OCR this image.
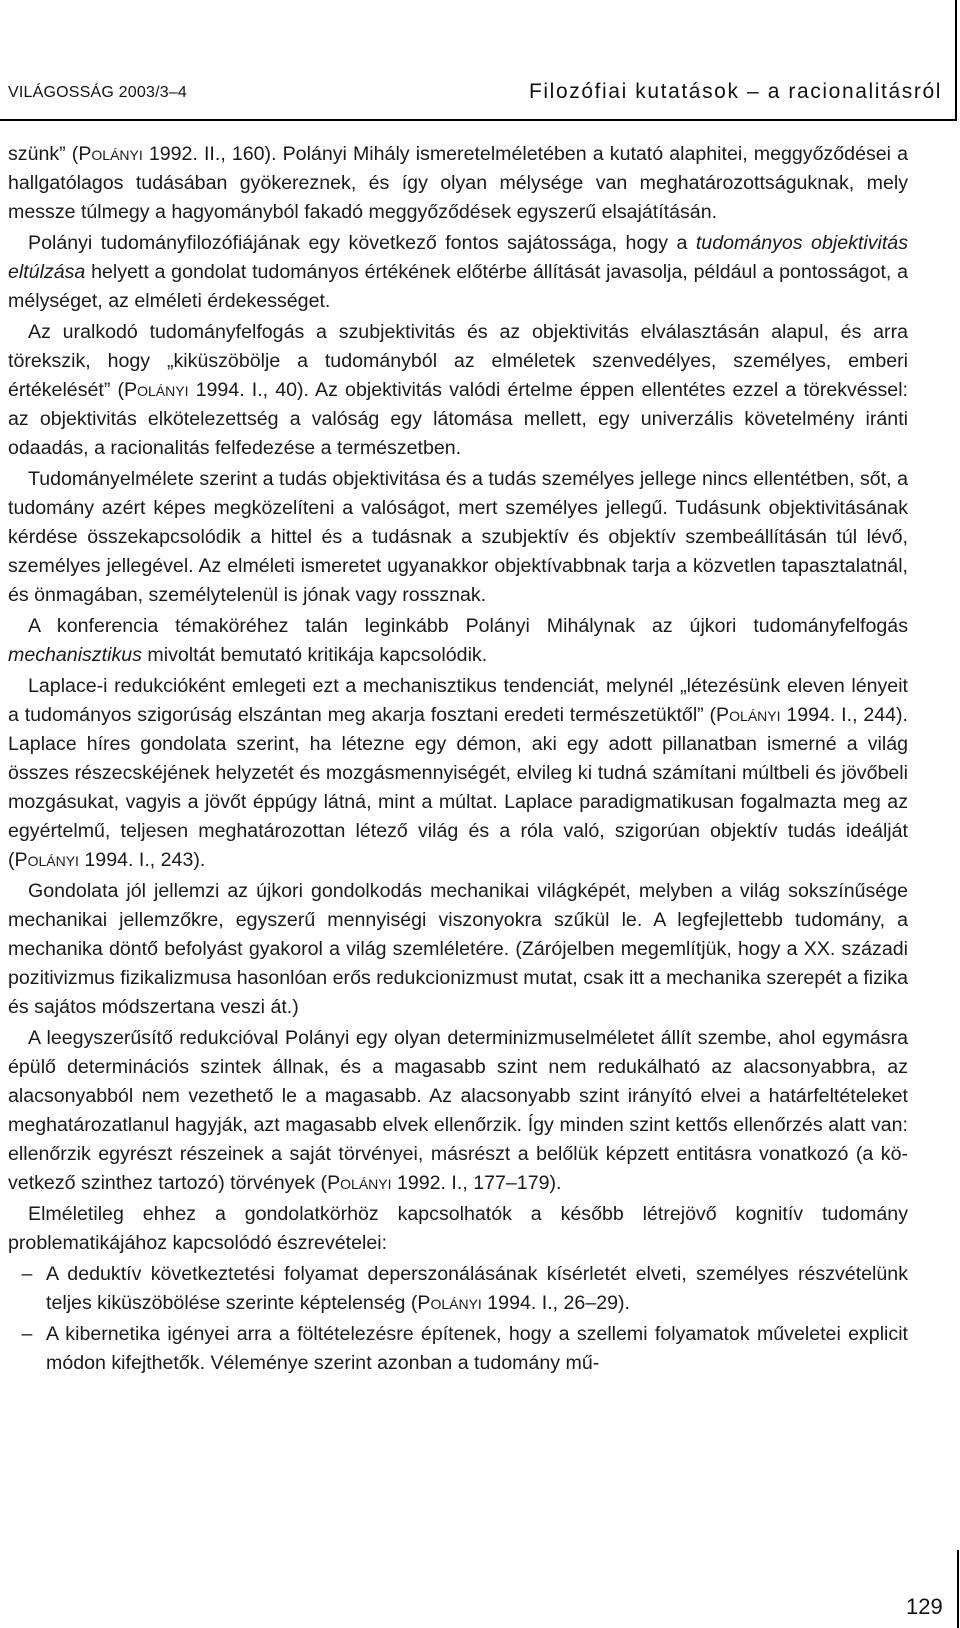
VILÁGOSSÁG 2003/3–4	Filozófiai kutatások – a racionalitásról

szünk” (Polányi 1992. II., 160). Polányi Mihály ismeretelméletében a kutató alaphitei, meggyőződései a hallgatólagos tudásában gyökereznek, és így olyan mélysége van meghatározottságuknak, mely messze túlmegy a hagyományból fakadó meggyőződések egyszerű elsajátításán.

Polányi tudományfilozófiájának egy következő fontos sajátossága, hogy a tudományos objektivitás eltúlzása helyett a gondolat tudományos értékének előtérbe állítását javasolja, például a pontosságot, a mélységet, az elméleti érdekességet.

Az uralkodó tudományfelfogás a szubjektivitás és az objektivitás elválasztásán alapul, és arra törekszik, hogy „kiküszöbölje a tudományból az elméletek szenvedélyes, személyes, emberi értékelését” (Polányi 1994. I., 40). Az objektivitás valódi értelme éppen ellentétes ezzel a törekvéssel: az objektivitás elkötelezettség a valóság egy látomása mellett, egy univerzális követelmény iránti odaadás, a racionalitás felfedezése a természetben.

Tudományelmélete szerint a tudás objektivitása és a tudás személyes jellege nincs ellentétben, sőt, a tudomány azért képes megközelíteni a valóságot, mert személyes jellegű. Tudásunk objektivitásának kérdése összekapcsolódik a hittel és a tudásnak a szubjektív és objektív szembeállításán túl lévő, személyes jellegével. Az elméleti ismeretet ugyanakkor objektívabbnak tarja a közvetlen tapasztalatnál, és önmagában, személytelenül is jónak vagy rossznak.

A konferencia témaköréhez talán leginkább Polányi Mihálynak az újkori tudományfelfogás mechanisztikus mivoltát bemutató kritikája kapcsolódik.

Laplace-i redukcióként emlegeti ezt a mechanisztikus tendenciát, melynél „létezésünk eleven lényeit a tudományos szigorúság elszántan meg akarja fosztani eredeti természetüktől” (Polányi 1994. I., 244). Laplace híres gondolata szerint, ha létezne egy démon, aki egy adott pillanatban ismerné a világ összes részecskéjének helyzetét és mozgásmennyiségét, elvileg ki tudná számítani múltbeli és jövőbeli mozgásukat, vagyis a jövőt éppúgy látná, mint a múltat. Laplace paradigmatikusan fogalmazta meg az egyértelmű, teljesen meghatározottan létező világ és a róla való, szigorúan objektív tudás ideálját (Polányi 1994. I., 243).

Gondolata jól jellemzi az újkori gondolkodás mechanikai világképét, melyben a világ sokszínűsége mechanikai jellemzőkre, egyszerű mennyiségi viszonyokra szűkül le. A legfejlettebb tudomány, a mechanika döntő befolyást gyakorol a világ szemléletére. (Zárójelben megemlítjük, hogy a XX. századi pozitivizmus fizikalizmusa hasonlóan erős redukcionizmust mutat, csak itt a mechanika szerepét a fizika és sajátos módszertana veszi át.)

A leegyszerűsítő redukcióval Polányi egy olyan determinizmuselméletet állít szembe, ahol egymásra épülő determinációs szintek állnak, és a magasabb szint nem redukálható az alacsonyabbra, az alacsonyabból nem vezethető le a magasabb. Az alacsonyabb szint irányító elvei a határfeltételeket meghatározatlanul hagyják, azt magasabb elvek ellenőrzik. Így minden szint kettős ellenőrzés alatt van: ellenőrzik egyrészt részeinek a saját törvényei, másrészt a belőlük képzett entitásra vonatkozó (a következő szinthez tartozó) törvények (Polányi 1992. I., 177–179).

Elméletileg ehhez a gondolatkörhöz kapcsolhatók a később létrejövő kognitív tudomány problematikájához kapcsolódó észrevételei:

– A deduktív következtetési folyamat deperszonálásának kísérletét elveti, személyes részvételünk teljes kiküszöbölése szerinte képtelenség (Polányi 1994. I., 26–29).
– A kibernetika igényei arra a föltételezésre építenek, hogy a szellemi folyamatok műveletei explicit módon kifejthetők. Véleménye szerint azonban a tudomány mű-
129
